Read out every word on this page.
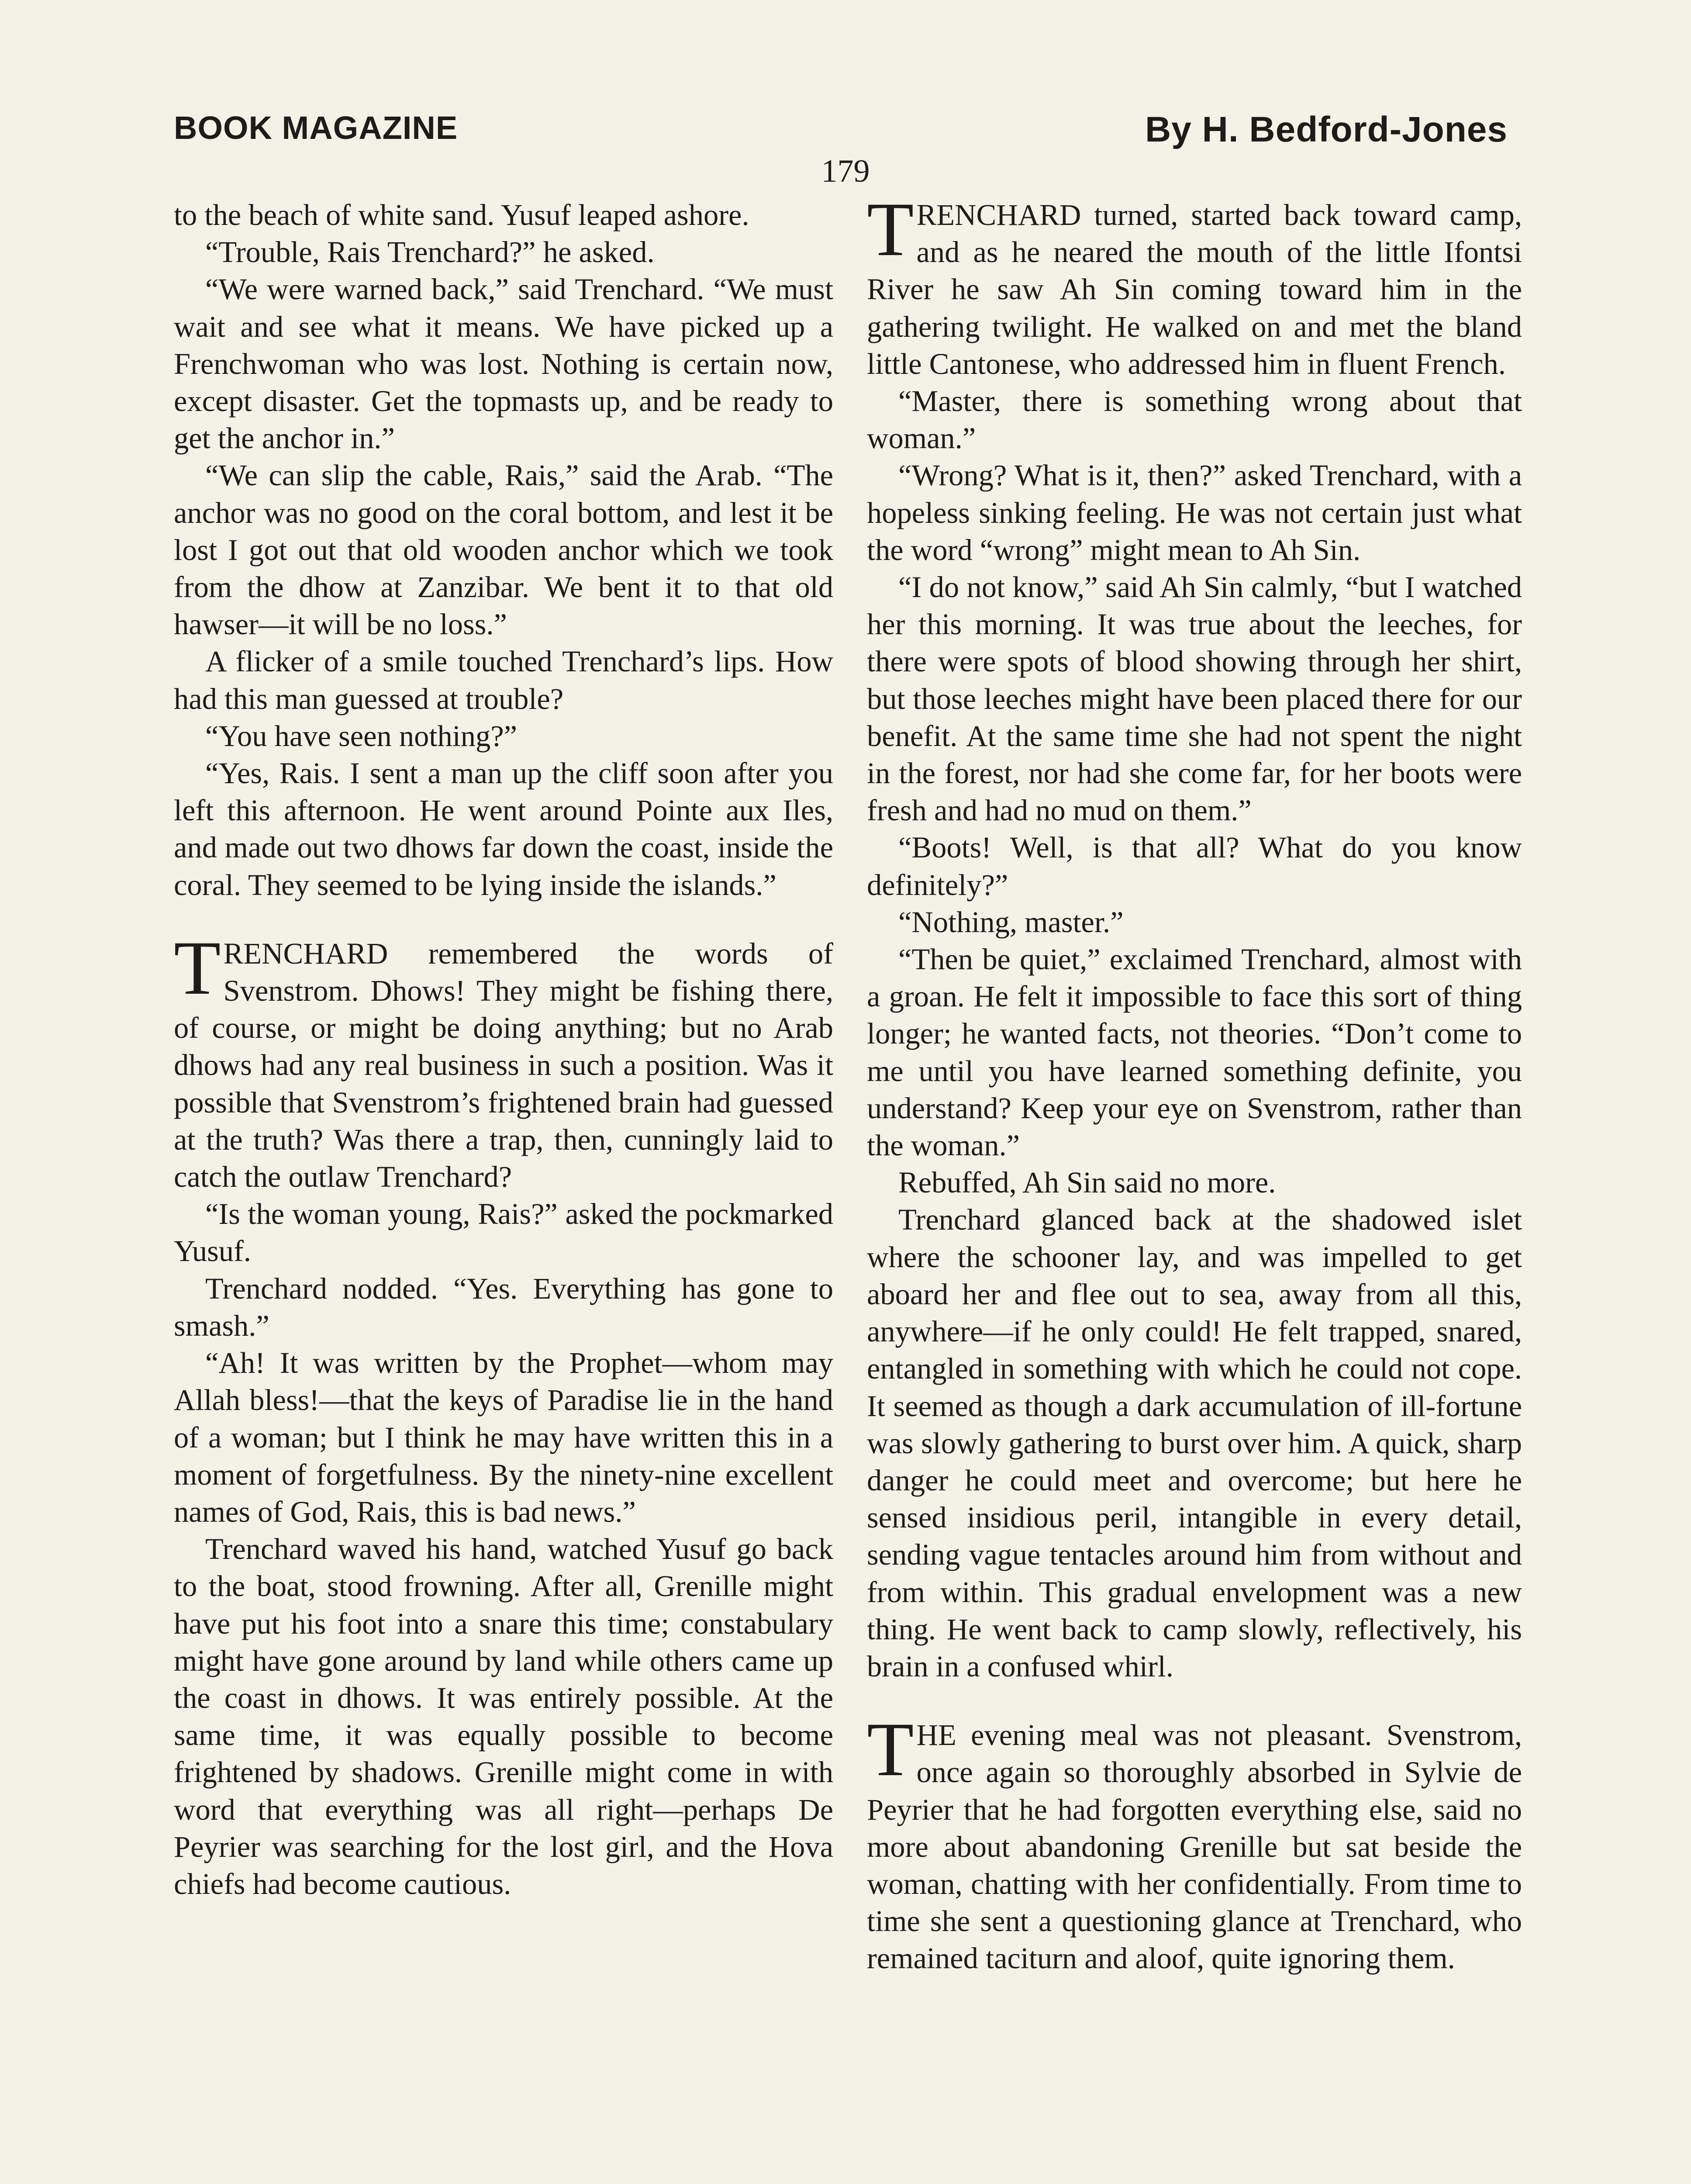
BOOK MAGAZINE	By H. Bedford-Jones
179

to the beach of white sand. Yusuf leaped ashore.

“Trouble, Rais Trenchard?” he asked.

“We were warned back,” said Trenchard. “We must wait and see what it means. We have picked up a Frenchwoman who was lost. Nothing is certain now, except disaster. Get the topmasts up, and be ready to get the anchor in.”

“We can slip the cable, Rais,” said the Arab. “The anchor was no good on the coral bottom, and lest it be lost I got out that old wooden anchor which we took from the dhow at Zanzibar. We bent it to that old hawser—it will be no loss.”

A flicker of a smile touched Trenchard’s lips. How had this man guessed at trouble?

“You have seen nothing?”

“Yes, Rais. I sent a man up the cliff soon after you left this afternoon. He went around Pointe aux Iles, and made out two dhows far down the coast, inside the coral. They seemed to be lying inside the islands.”

TRENCHARD remembered the words of Svenstrom. Dhows! They might be fishing there, of course, or might be doing anything; but no Arab dhows had any real business in such a position. Was it possible that Svenstrom’s frightened brain had guessed at the truth? Was there a trap, then, cunningly laid to catch the outlaw Trenchard?

“Is the woman young, Rais?” asked the pockmarked Yusuf.

Trenchard nodded. “Yes. Everything has gone to smash.”

“Ah! It was written by the Prophet—whom may Allah bless!—that the keys of Paradise lie in the hand of a woman; but I think he may have written this in a moment of forgetfulness. By the ninety-nine excellent names of God, Rais, this is bad news.”

Trenchard waved his hand, watched Yusuf go back to the boat, stood frowning. After all, Grenille might have put his foot into a snare this time; constabulary might have gone around by land while others came up the coast in dhows. It was entirely possible. At the same time, it was equally possible to become frightened by shadows. Grenille might come in with word that everything was all right—perhaps De Peyrier was searching for the lost girl, and the Hova chiefs had become cautious.

TRENCHARD turned, started back toward camp, and as he neared the mouth of the little Ifontsi River he saw Ah Sin coming toward him in the gathering twilight. He walked on and met the bland little Cantonese, who addressed him in fluent French.

“Master, there is something wrong about that woman.”

“Wrong? What is it, then?” asked Trenchard, with a hopeless sinking feeling. He was not certain just what the word “wrong” might mean to Ah Sin.

“I do not know,” said Ah Sin calmly, “but I watched her this morning. It was true about the leeches, for there were spots of blood showing through her shirt, but those leeches might have been placed there for our benefit. At the same time she had not spent the night in the forest, nor had she come far, for her boots were fresh and had no mud on them.”

“Boots! Well, is that all? What do you know definitely?”

“Nothing, master.”

“Then be quiet,” exclaimed Trenchard, almost with a groan. He felt it impossible to face this sort of thing longer; he wanted facts, not theories. “Don’t come to me until you have learned something definite, you understand? Keep your eye on Svenstrom, rather than the woman.”

Rebuffed, Ah Sin said no more.

Trenchard glanced back at the shadowed islet where the schooner lay, and was impelled to get aboard her and flee out to sea, away from all this, anywhere—if he only could! He felt trapped, snared, entangled in something with which he could not cope. It seemed as though a dark accumulation of ill-fortune was slowly gathering to burst over him. A quick, sharp danger he could meet and overcome; but here he sensed insidious peril, intangible in every detail, sending vague tentacles around him from without and from within. This gradual envelopment was a new thing. He went back to camp slowly, reflectively, his brain in a confused whirl.

THE evening meal was not pleasant. Svenstrom, once again so thoroughly absorbed in Sylvie de Peyrier that he had forgotten everything else, said no more about abandoning Grenille but sat beside the woman, chatting with her confidentially. From time to time she sent a questioning glance at Trenchard, who remained taciturn and aloof, quite ignoring them.
